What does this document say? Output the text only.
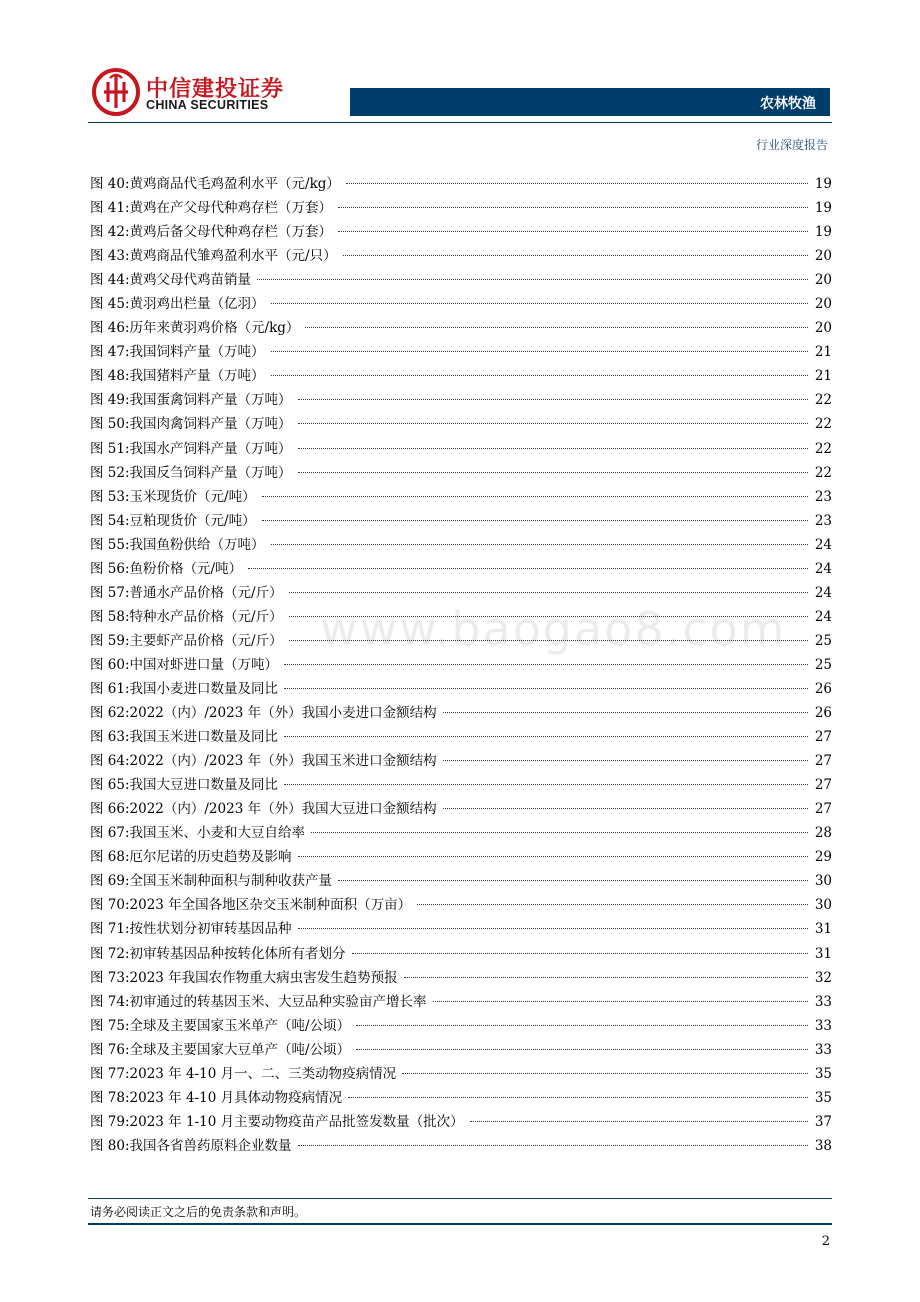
中信建投证券
CHINA SECURITIES	农林牧渔
行业深度报告
图 40:黄鸡商品代毛鸡盈利水平（元/kg）	19
图 41:黄鸡在产父母代种鸡存栏（万套）	19
图 42:黄鸡后备父母代种鸡存栏（万套）	19
图 43:黄鸡商品代雏鸡盈利水平（元/只）	20
图 44:黄鸡父母代鸡苗销量	20
图 45:黄羽鸡出栏量（亿羽）	20
图 46:历年来黄羽鸡价格（元/kg）	20
图 47:我国饲料产量（万吨）	21
图 48:我国猪料产量（万吨）	21
图 49:我国蛋禽饲料产量（万吨）	22
图 50:我国肉禽饲料产量（万吨）	22
图 51:我国水产饲料产量（万吨）	22
图 52:我国反刍饲料产量（万吨）	22
图 53:玉米现货价（元/吨）	23
图 54:豆粕现货价（元/吨）	23
图 55:我国鱼粉供给（万吨）	24
图 56:鱼粉价格（元/吨）	24
图 57:普通水产品价格（元/斤）	24
图 58:特种水产品价格（元/斤）	24
图 59:主要虾产品价格（元/斤）	25
图 60:中国对虾进口量（万吨）	25
图 61:我国小麦进口数量及同比	26
图 62:2022（内）/2023 年（外）我国小麦进口金额结构	26
图 63:我国玉米进口数量及同比	27
图 64:2022（内）/2023 年（外）我国玉米进口金额结构	27
图 65:我国大豆进口数量及同比	27
图 66:2022（内）/2023 年（外）我国大豆进口金额结构	27
图 67:我国玉米、小麦和大豆自给率	28
图 68:厄尔尼诺的历史趋势及影响	29
图 69:全国玉米制种面积与制种收获产量	30
图 70:2023 年全国各地区杂交玉米制种面积（万亩）	30
图 71:按性状划分初审转基因品种	31
图 72:初审转基因品种按转化体所有者划分	31
图 73:2023 年我国农作物重大病虫害发生趋势预报	32
图 74:初审通过的转基因玉米、大豆品种实验亩产增长率	33
图 75:全球及主要国家玉米单产（吨/公顷）	33
图 76:全球及主要国家大豆单产（吨/公顷）	33
图 77:2023 年 4-10 月一、二、三类动物疫病情况	35
图 78:2023 年 4-10 月具体动物疫病情况	35
图 79:2023 年 1-10 月主要动物疫苗产品批签发数量（批次）	37
图 80:我国各省兽药原料企业数量	38
www.baogao8.com
请务必阅读正文之后的免责条款和声明。
2
